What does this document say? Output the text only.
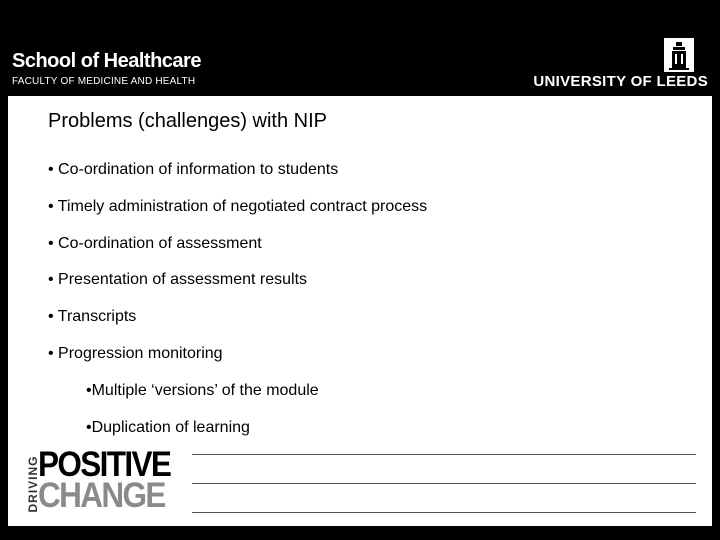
School of Healthcare
FACULTY OF MEDICINE AND HEALTH	UNIVERSITY OF LEEDS
Problems (challenges) with NIP
• Co-ordination of information to students
• Timely administration of negotiated contract process
• Co-ordination of assessment
• Presentation of assessment results
• Transcripts
• Progression monitoring
•Multiple ‘versions’ of the module
•Duplication of learning
DRIVING
POSITIVE
CHANGE
